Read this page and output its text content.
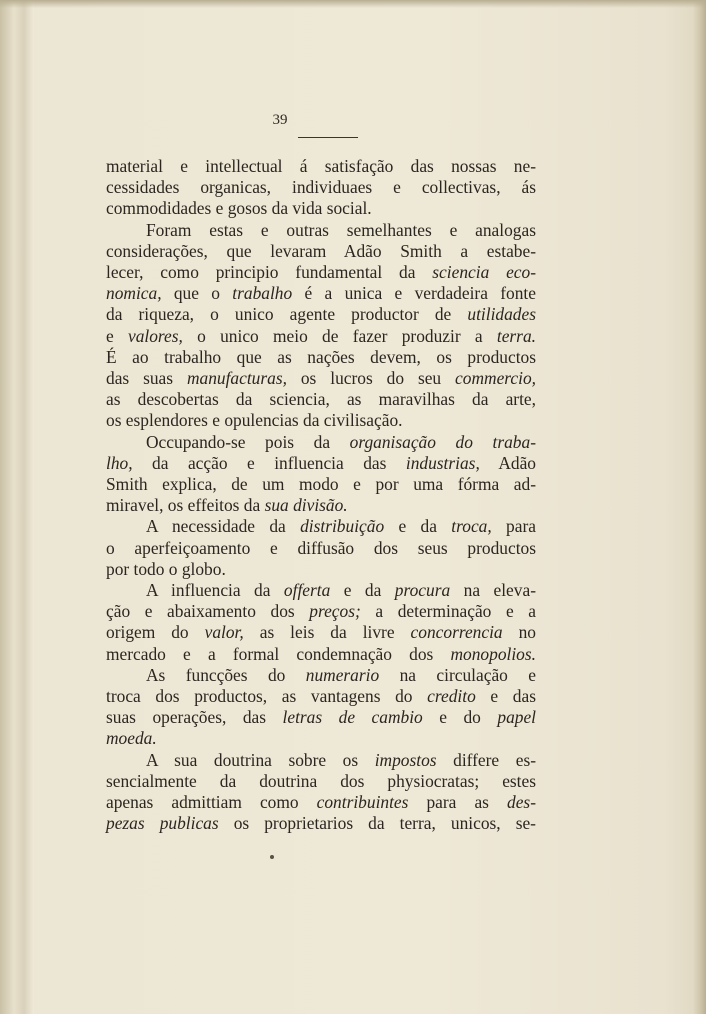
39
material e intellectual á satisfação das nossas ne-
cessidades organicas, individuaes e collectivas, ás
commodidades e gosos da vida social.
Foram estas e outras semelhantes e analogas
considerações, que levaram Adão Smith a estabe-
lecer, como principio fundamental da sciencia eco-
nomica, que o trabalho é a unica e verdadeira fonte
da riqueza, o unico agente productor de utilidades
e valores, o unico meio de fazer produzir a terra.
É ao trabalho que as nações devem, os productos
das suas manufacturas, os lucros do seu commercio,
as descobertas da sciencia, as maravilhas da arte,
os esplendores e opulencias da civilisação.
Occupando-se pois da organisação do traba-
lho, da acção e influencia das industrias, Adão
Smith explica, de um modo e por uma fórma ad-
miravel, os effeitos da sua divisão.
A necessidade da distribuição e da troca, para
o aperfeiçoamento e diffusão dos seus productos
por todo o globo.
A influencia da offerta e da procura na eleva-
ção e abaixamento dos preços; a determinação e a
origem do valor, as leis da livre concorrencia no
mercado e a formal condemnação dos monopolios.
As funcções do numerario na circulação e
troca dos productos, as vantagens do credito e das
suas operações, das letras de cambio e do papel
moeda.
A sua doutrina sobre os impostos differe es-
sencialmente da doutrina dos physiocratas; estes
apenas admittiam como contribuintes para as des-
pezas publicas os proprietarios da terra, unicos, se-
